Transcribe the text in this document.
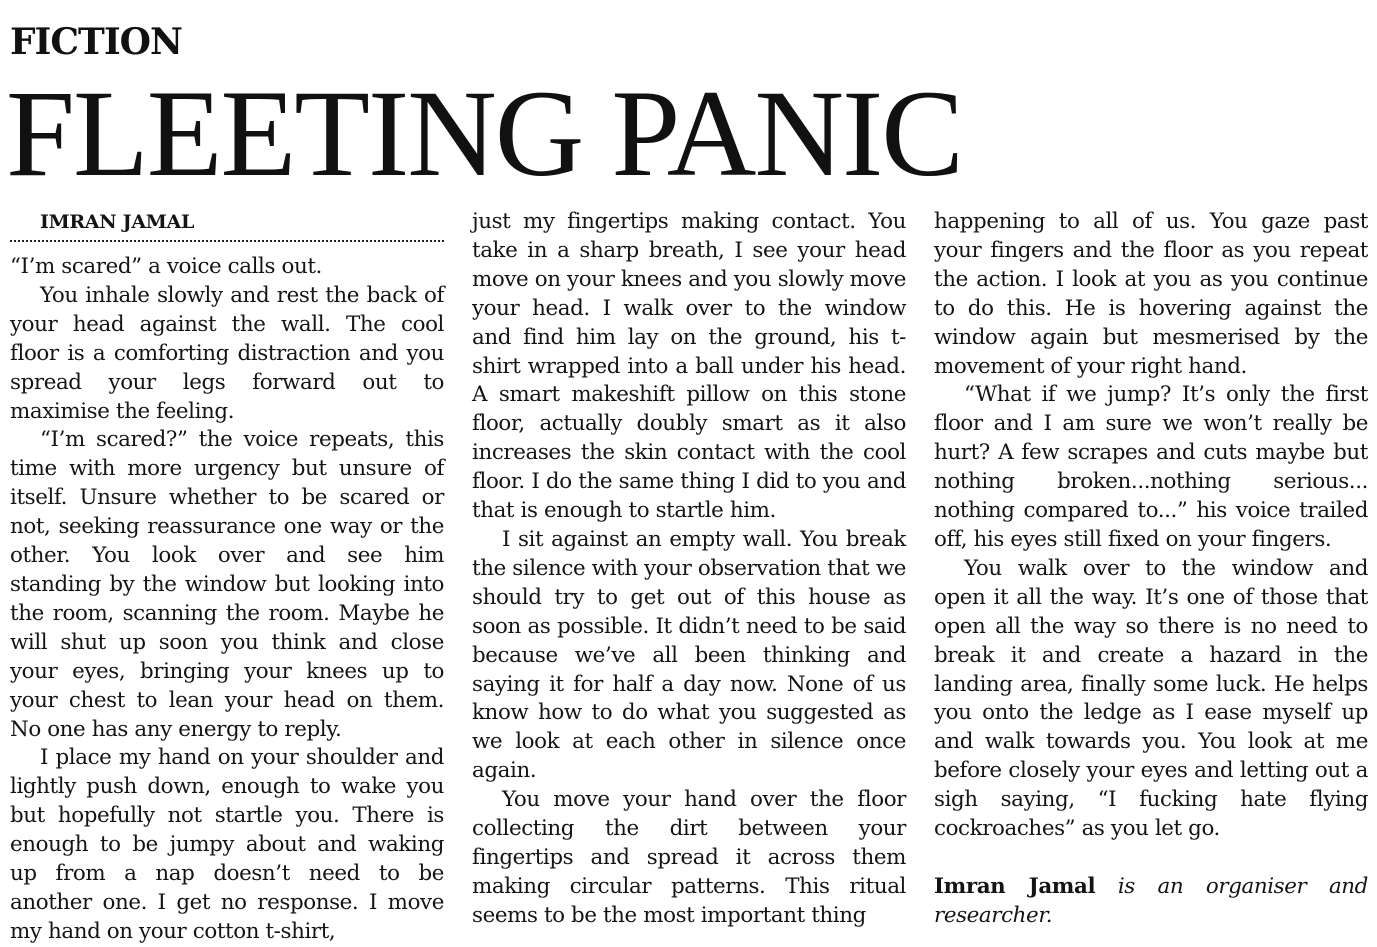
FICTION
FLEETING PANIC

IMRAN JAMAL

“I’m scared” a voice calls out.

You inhale slowly and rest the back of your head against the wall. The cool floor is a comforting distraction and you spread your legs forward out to maximise the feeling.

“I’m scared?” the voice repeats, this time with more urgency but unsure of itself. Unsure whether to be scared or not, seeking reassurance one way or the other. You look over and see him standing by the window but looking into the room, scanning the room. Maybe he will shut up soon you think and close your eyes, bringing your knees up to your chest to lean your head on them. No one has any energy to reply.

I place my hand on your shoulder and lightly push down, enough to wake you but hopefully not startle you. There is enough to be jumpy about and waking up from a nap doesn’t need to be another one. I get no response. I move my hand on your cotton t-shirt,

just my fingertips making contact. You take in a sharp breath, I see your head move on your knees and you slowly move your head. I walk over to the window and find him lay on the ground, his t-shirt wrapped into a ball under his head. A smart makeshift pillow on this stone floor, actually doubly smart as it also increases the skin contact with the cool floor. I do the same thing I did to you and that is enough to startle him.

I sit against an empty wall. You break the silence with your observation that we should try to get out of this house as soon as possible. It didn’t need to be said because we’ve all been thinking and saying it for half a day now. None of us know how to do what you suggested as we look at each other in silence once again.

You move your hand over the floor collecting the dirt between your fingertips and spread it across them making circular patterns. This ritual seems to be the most important thing

happening to all of us. You gaze past your fingers and the floor as you repeat the action. I look at you as you continue to do this. He is hovering against the window again but mesmerised by the movement of your right hand.

“What if we jump? It’s only the first floor and I am sure we won’t really be hurt? A few scrapes and cuts maybe but nothing broken...nothing serious... nothing compared to...” his voice trailed off, his eyes still fixed on your fingers.

You walk over to the window and open it all the way. It’s one of those that open all the way so there is no need to break it and create a hazard in the landing area, finally some luck. He helps you onto the ledge as I ease myself up and walk towards you. You look at me before closely your eyes and letting out a sigh saying, “I fucking hate flying cockroaches” as you let go.

Imran Jamal is an organiser and researcher.
